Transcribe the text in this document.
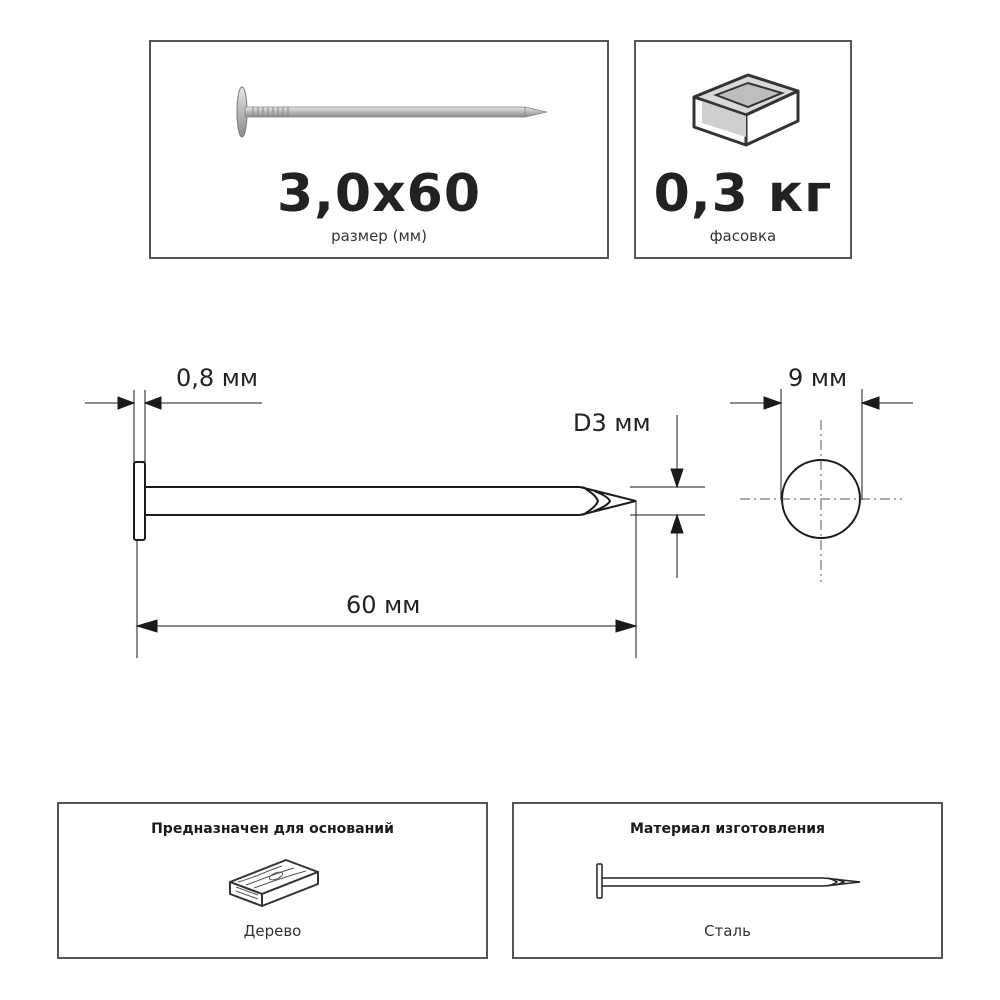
3,0x60
размер (мм)
0,3 кг
фасовка
0,8 мм	9 мм
D3 мм
60 мм
Предназначен для оснований
Дерево
Материал изготовления
Сталь
